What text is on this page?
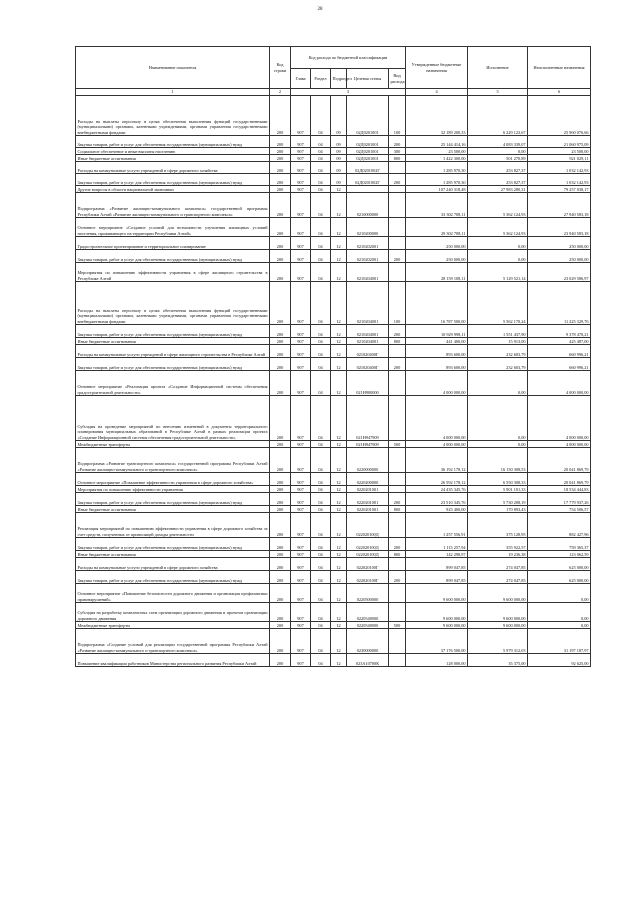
28
Наименование показателя	Код строки	Код расхода по бюджетной классификации					Утвержденные бюджетные назначения	Исполнение	Неисполненные назначения
		Глава	Раздел	Подраздел	Целевая статья	Вид расхода			
1	2	3					4	5	6
Расходы на выплаты персоналу в целях обеспечения выполнения функций государственными (муниципальными) органами, казенными учреждениями, органами управления государственными внебюджетными фондами	200	907	04	09	02Д0201001	100	32 189 200,33	6 229 123,67	25 960 076,66
Закупка товаров, работ и услуг для обеспечения государственных (муниципальных) нужд	200	907	04	09	02Д0201001	200	25 144 414,16	4 083 339,07	21 060 975,09
Социальное обеспечение и иные выплаты населению	200	907	04	09	02Д0201001	300	23 500,00	0,00	23 500,00
Иные бюджетные ассигнования	200	907	04	09	02Д0201001	800	1 422 300,00	501 270,89	921 029,11
Расходы на коммунальные услуги учреждений в сфере дорожного хозяйства	200	907	04	09	02Д0201002Г		1 285 970,30	253 827,37	1 032 142,93
Закупка товаров, работ и услуг для обеспечения государственных (муниципальных) нужд	200	907	04	09	02Д0201002Г	200	1 285 970,30	253 827,37	1 032 142,93
Другие вопросы в области национальной экономики	200	907	04	12			107 240 318,48	27 983 280,31	79 257 038,17
Подпрограмма «Развитие жилищно-коммунального комплекса» государственной программы Республики Алтай «Развитие жилищно-коммунального и транспортного комплекса»	200	907	04	12	0210000000		33 302 708,11	5 362 124,93	27 940 583,18
Основное мероприятие «Создание условий для возможности улучшения жилищных условий населения, проживающего на территории Республики Алтай»	200	907	04	12	0210200000		29 302 708,11	5 362 124,93	23 940 583,18
Градостроительное проектирование и территориальное планирование	200	907	04	12	0210202001		250 000,00	0,00	250 000,00
Закупка товаров, работ и услуг для обеспечения государственных (муниципальных) нужд	200	907	04	12	0210202001	200	250 000,00	0,00	250 000,00
Мероприятия по повышению эффективности управления в сфере жилищного строительства в Республике Алтай	200	907	04	12	0210204001		28 159 108,11	5 129 521,14	23 029 586,97
Расходы на выплаты персоналу в целях обеспечения выполнения функций государственными (муниципальными) органами, казенными учреждениями, органами управления государственными внебюджетными фондами	200	907	04	12	0210204001	100	16 787 500,00	5 562 170,24	11 225 329,76
Закупка товаров, работ и услуг для обеспечения государственных (муниципальных) нужд	200	907	04	12	0210204001	200	10 929 998,11	1 551 437,90	9 378 470,21
Иные бюджетные ассигнования	200	907	04	12	0210204001	800	441 400,00	15 913,00	425 487,00
Расходы на коммунальные услуги учреждений в сфере жилищного строительства в Республике Алтай	200	907	04	12	021020400Г		893 600,00	232 603,79	660 996,21
Закупка товаров, работ и услуг для обеспечения государственных (муниципальных) нужд	200	907	04	12	021020400Г	200	893 600,00	232 603,79	660 996,21
Основное мероприятие «Реализация проекта «Создание Информационной системы обеспечения градостроительной деятельности»	200	907	04	12	021Н900000		4 000 000,00	0,00	4 000 000,00
Субсидия на проведение мероприятий по внесению изменений в документы территориального планирования муниципальных образований в Республике Алтай в рамках реализации проекта «Создание Информационной системы обеспечения градостроительной деятельности»	200	907	04	12	021Н947909		4 000 000,00	0,00	4 000 000,00
Межбюджетные трансферты	200	907	04	12	021Н947909	500	4 000 000,00	0,00	4 000 000,00
Подпрограмма «Развитие транспортного комплекса» государственной программы Республики Алтай «Развитие жилищно-коммунального и транспортного комплекса»	200	907	04	12	0220000000		36 192 178,12	16 150 308,53	20 041 869,79
Основное мероприятие «Повышение эффективности управления в сфере дорожного хозяйства»	200	907	04	12	0220200000		26 592 178,12	6 550 308,33	20 041 869,79
Мероприятия по повышению эффективности управления	200	907	04	12	0220201001		24 435 345,76	5 901 101,33	18 534 444,83
Закупка товаров, работ и услуг для обеспечения государственных (муниципальных) нужд	200	907	04	12	0220201001	200	23 510 345,76	5 730 208,19	17 779 937,26
Иные бюджетные ассигнования	200	907	04	12	0220201001	800	925 400,00	170 893,43	754 506,57
Реализация мероприятий по повышению эффективности управления в сфере дорожного хозяйства за счет средств, полученных от приносящей доходы деятельности	200	907	04	12	022020100Д		1 257 556,91	375 128,95	882 427,96
Закупка товаров, работ и услуг для обеспечения государственных (муниципальных) нужд	200	907	04	12	022020100Д	200	1 115 257,94	355 922,57	759 365,37
Иные бюджетные ассигнования	200	907	04	12	022020100Д	800	142 298,97	19 236,38	123 062,59
Расходы на коммунальные услуги учреждений в сфере дорожного хозяйства	200	907	04	12	022020100Г		899 047,85	274 047,85	625 000,00
Закупка товаров, работ и услуг для обеспечения государственных (муниципальных) нужд	200	907	04	12	022020100Г	200	899 047,85	274 047,85	625 000,00
Основное мероприятие «Повышение безопасности дорожного движения и организация профилактики правонарушений»	200	907	04	12	0220500000		9 600 000,00	9 600 000,00	0,00
Субсидия на разработку комплексных схем организации дорожного движения и проектов организации дорожного движения	200	907	04	12	0220548000		9 600 000,00	9 600 000,00	0,00
Межбюджетные трансферты	200	907	04	12	0220548000	500	9 600 000,00	9 600 000,00	0,00
Подпрограмма «Создание условий для реализации государственной программы Республики Алтай «Развитие жилищно-коммунального и транспортного комплекса»	200	907	04	12	0230000000		37 176 500,00	5 979 312,03	31 197 187,97
Повышение квалификации работников Министерства регионального развития Республики Алтай	200	907	04	12	023А10700К		128 000,00	35 375,00	92 625,00
